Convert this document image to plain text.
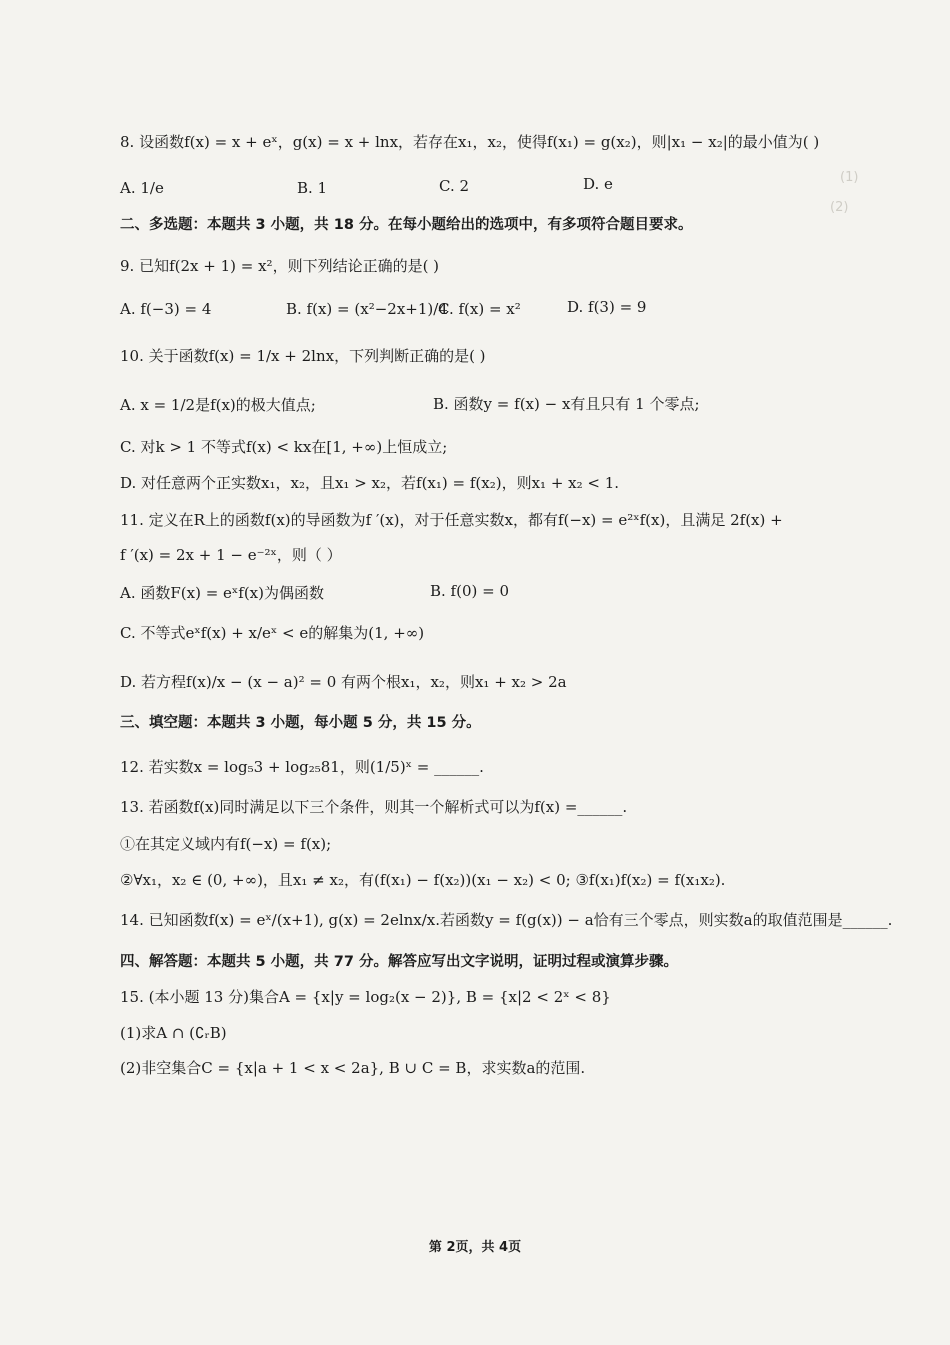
(1)
(2)
8. 设函数f(x) = x + eˣ，g(x) = x + lnx，若存在x₁，x₂，使得f(x₁) = g(x₂)，则|x₁ − x₂|的最小值为( )
A. 1/e	B. 1	C. 2	D. e
二、多选题：本题共 3 小题，共 18 分。在每小题给出的选项中，有多项符合题目要求。
9. 已知f(2x + 1) = x²，则下列结论正确的是( )
A. f(−3) = 4	B. f(x) = (x²−2x+1)/4
C. f(x) = x²	D. f(3) = 9
10. 关于函数f(x) = 1/x + 2lnx，下列判断正确的是( )
A. x = 1/2是f(x)的极大值点;	B. 函数y = f(x) − x有且只有 1 个零点;
C. 对k > 1 不等式f(x) < kx在[1, +∞)上恒成立;
D. 对任意两个正实数x₁，x₂，且x₁ > x₂，若f(x₁) = f(x₂)，则x₁ + x₂ < 1.
11. 定义在R上的函数f(x)的导函数为f ′(x)，对于任意实数x，都有f(−x) = e²ˣf(x)，且满足 2f(x) +
f ′(x) = 2x + 1 − e⁻²ˣ，则（ ）
A. 函数F(x) = eˣf(x)为偶函数	B. f(0) = 0
C. 不等式eˣf(x) + x/eˣ < e的解集为(1, +∞)
D. 若方程f(x)/x − (x − a)² = 0 有两个根x₁，x₂，则x₁ + x₂ > 2a
三、填空题：本题共 3 小题，每小题 5 分，共 15 分。
12. 若实数x = log₅3 + log₂₅81，则(1/5)ˣ = ______.
13. 若函数f(x)同时满足以下三个条件，则其一个解析式可以为f(x) =______.
①在其定义域内有f(−x) = f(x);
②∀x₁，x₂ ∈ (0, +∞)，且x₁ ≠ x₂，有(f(x₁) − f(x₂))(x₁ − x₂) < 0; ③f(x₁)f(x₂) = f(x₁x₂).
14. 已知函数f(x) = eˣ/(x+1), g(x) = 2elnx/x.若函数y = f(g(x)) − a恰有三个零点，则实数a的取值范围是______.
四、解答题：本题共 5 小题，共 77 分。解答应写出文字说明，证明过程或演算步骤。
15. (本小题 13 分)集合A = {x|y = log₂(x − 2)}, B = {x|2 < 2ˣ < 8}
(1)求A ∩ (∁ᵣB)
(2)非空集合C = {x|a + 1 < x < 2a}, B ∪ C = B，求实数a的范围.
第 2页，共 4页
